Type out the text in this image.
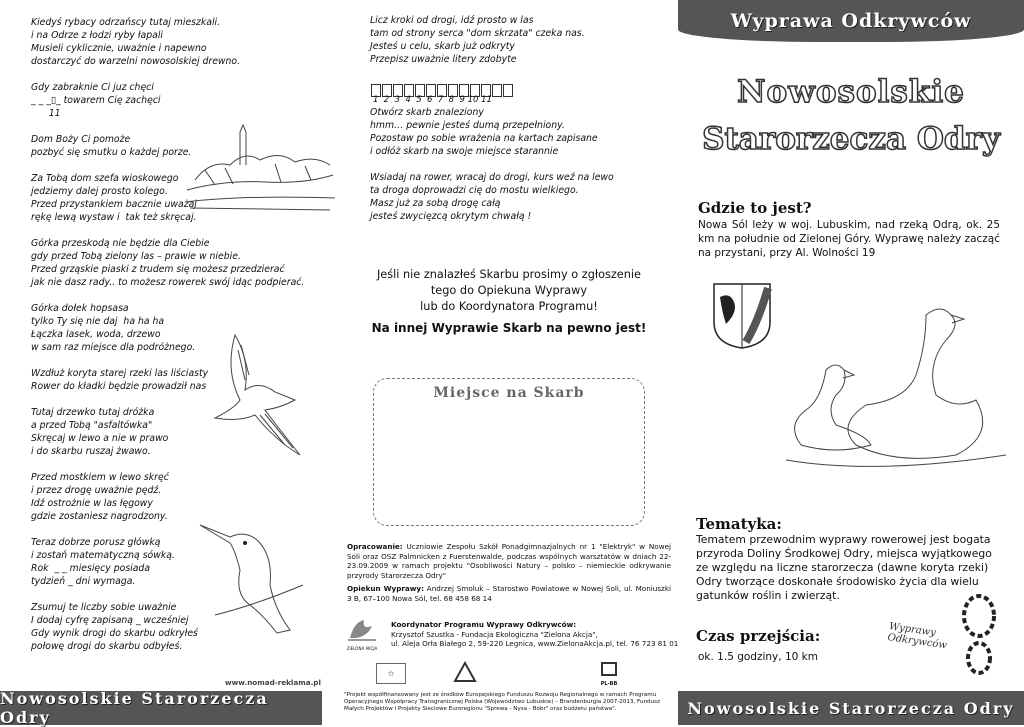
Kiedyś rybacy odrzańscy tutaj mieszkali.
i na Odrze z łodzi ryby łapali
Musieli cyklicznie, uważnie i napewno
dostarczyć do warzelni nowosolskiej drewno.
Gdy zabraknie Ci juz chęci
_ _ _▯_ towarem Cię zachęci
11
Dom Boży Ci pomoże
pozbyć się smutku o każdej porze.
Za Tobą dom szefa wioskowego
jedziemy dalej prosto kolego.
Przed przystankiem bacznie uważaj
rękę lewą wystaw i  tak też skręcaj.
Górka przeskodą nie będzie dla Ciebie
gdy przed Tobą zielony las – prawie w niebie.
Przed grząskie piaski z trudem się możesz przedzierać
jak nie dasz rady.. to możesz rowerek swój idąc podpierać.
Górka dołek hopsasa
tylko Ty się nie daj  ha ha ha
Łączka lasek, woda, drzewo
w sam raz miejsce dla podróżnego.
Wzdłuż koryta starej rzeki las liściasty
Rower do kładki będzie prowadził nas
Tutaj drzewko tutaj dróżka
a przed Tobą "asfaltówka"
Skręcaj w lewo a nie w prawo
i do skarbu ruszaj żwawo.
Przed mostkiem w lewo skręć
i przez drogę uważnie pędź.
Idź ostrożnie w las łęgowy
gdzie zostaniesz nagrodzony.
Teraz dobrze porusz główką
i zostań matematyczną sówką.
Rok  _ _ miesięcy posiada
tydzień _ dni wymaga.
Zsumuj te liczby sobie uważnie
I dodaj cyfrę zapisaną _ wcześniej
Gdy wynik drogi do skarbu odkryłeś
połowę drogi do skarbu odbyłeś.
Nowosolskie Starorzecza Odry
Licz kroki od drogi, idź prosto w las
tam od strony serca "dom skrzata" czeka nas.
Jesteś u celu, skarb już odkryty
Przepisz uważnie litery zdobyte
1  2  3  4  5  6  7  8  9 10 11
Otwórz skarb znaleziony
hmm… pewnie jesteś dumą przepełniony.
Pozostaw po sobie wrażenia na kartach zapisane
i odłóż skarb na swoje miejsce starannie
Wsiadaj na rower, wracaj do drogi, kurs weź na lewo
ta droga doprowadzi cię do mostu wielkiego.
Masz już za sobą drogę całą
jesteś zwycięzcą okrytym chwałą !
Jeśli nie znalazłeś Skarbu prosimy o zgłoszenie
tego do Opiekuna Wyprawy
lub do Koordynatora Programu!
Na innej Wyprawie Skarb na pewno jest!
Miejsce na Skarb
Opracowanie: Uczniowie Zespołu Szkół Ponadgimnazjalnych nr 1 "Elektryk" w Nowej Soli oraz OSZ Palmnicken z Fuerstenwalde, podczas wspólnych warsztatów w dniach 22-23.09.2009 w ramach projektu "Osobliwości Natury – polsko – niemieckie odkrywanie przyrody Starorzecza Odry"
Opiekun Wyprawy: Andrzej Smoluk – Starostwo Powiatowe w Nowej Soli, ul. Moniuszki 3 B, 67–100 Nowa Sól, tel. 68 458 68 14
ZIELONA AKCJA
Koordynator Programu Wyprawy Odkrywców:
Krzysztof Szustka - Fundacja Ekologiczna "Zielona Akcja",
ul. Aleja Orła Białego 2, 59-220 Legnica, www.ZielonaAkcja.pl, tel. 76 723 81 01
www.nomad-reklama.pl
☆
PL-BB
"Projekt współfinansowany jest ze środków Europejskiego Funduszu Rozwoju Regionalnego w ramach Programu Operacyjnego Współpracy Transgranicznej Polska (Województwo Lubuskie) – Brandenburgia 2007-2013, Fundusz Małych Projektów i Projekty Sieciowe Euroregionu "Sprewa - Nysa - Bóbr" oraz budżetu państwa".
Wyprawa Odkrywców
Nowosolskie
Starorzecza Odry
Gdzie to jest?
Nowa Sól leży w woj. Lubuskim, nad rzeką Odrą, ok. 25 km na południe od Zielonej Góry. Wyprawę należy zacząć na przystani, przy Al. Wolności 19
Tematyka:
Tematem przewodnim wyprawy rowerowej jest bogata
przyroda Doliny Środkowej Odry, miejsca wyjątkowego
ze względu na liczne starorzecza (dawne koryta rzeki)
Odry tworzące doskonałe środowisko życia dla wielu
gatunków roślin i zwierząt.
Czas przejścia:
ok. 1.5 godziny, 10 km
Wyprawy Odkrywców
Nowosolskie Starorzecza Odry
